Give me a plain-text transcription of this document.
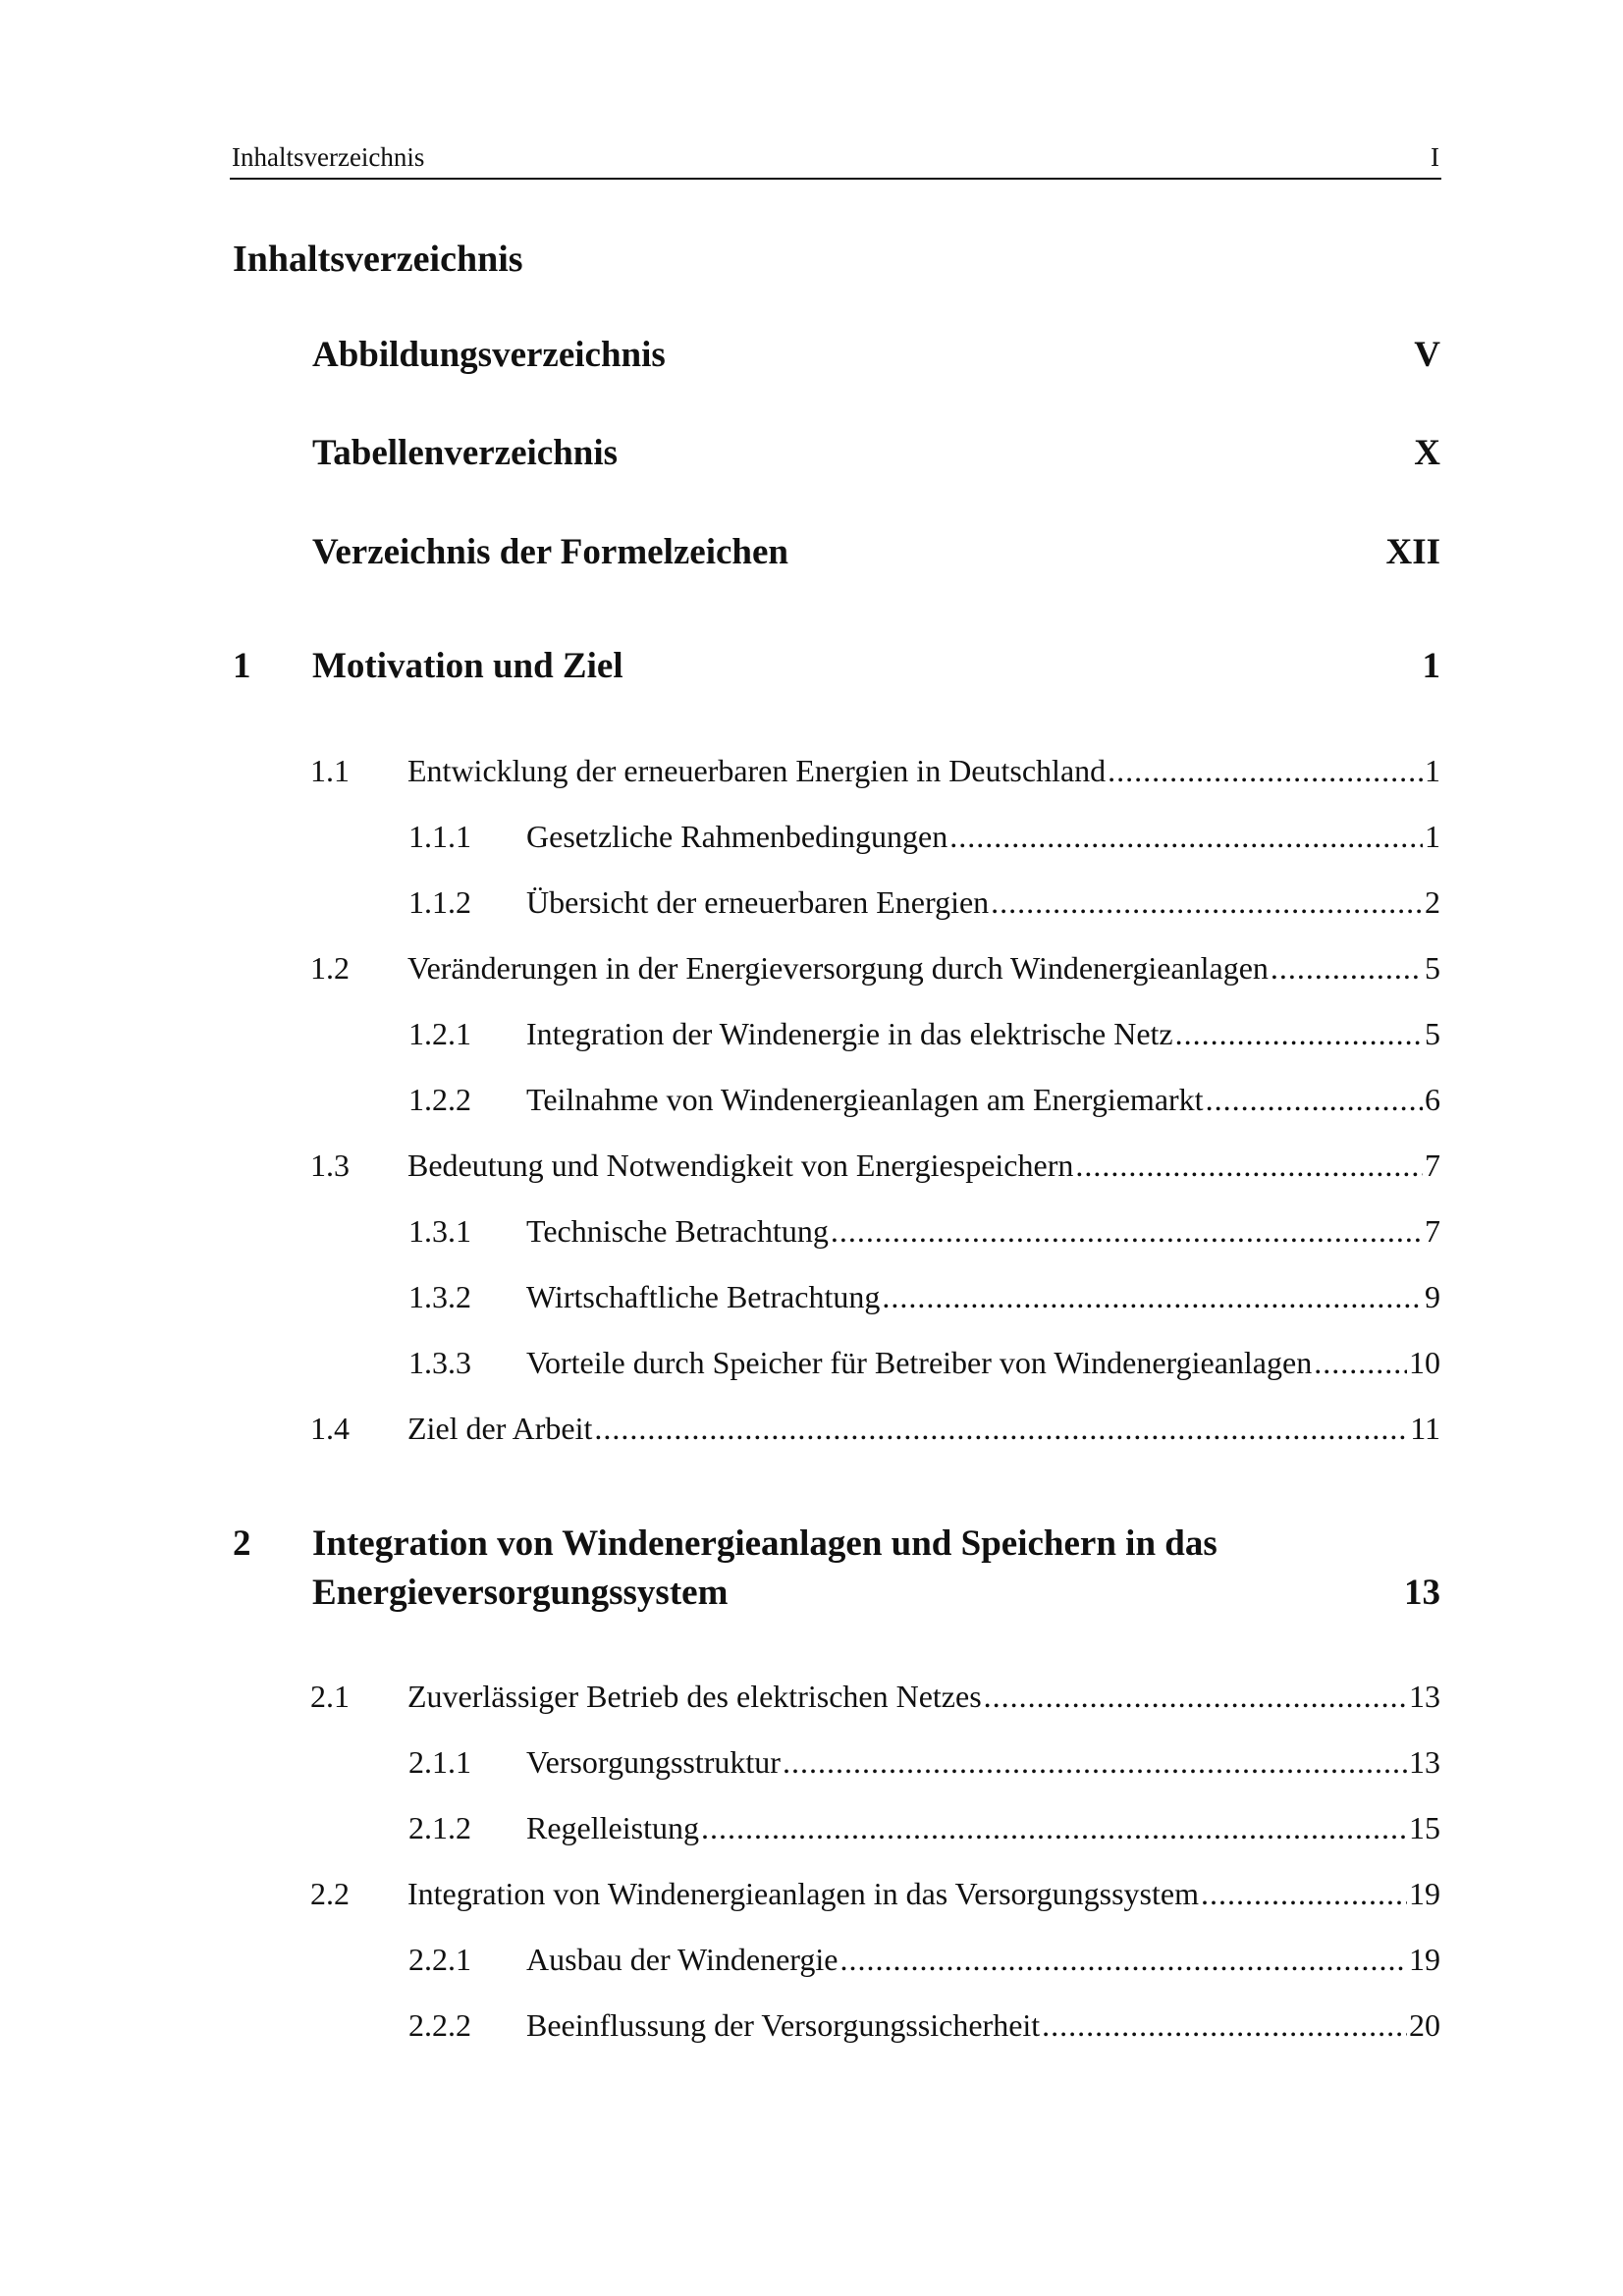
Inhaltsverzeichnis	I
Inhaltsverzeichnis
Abbildungsverzeichnis	V
Tabellenverzeichnis	X
Verzeichnis der Formelzeichen	XII
1 Motivation und Ziel	1
1.1	Entwicklung der erneuerbaren Energien in Deutschland .....	1
1.1.1	Gesetzliche Rahmenbedingungen .....	1
1.1.2	Übersicht der erneuerbaren Energien .....	2
1.2	Veränderungen in der Energieversorgung durch Windenergieanlagen .....	5
1.2.1	Integration der Windenergie in das elektrische Netz .....	5
1.2.2	Teilnahme von Windenergieanlagen am Energiemarkt .....	6
1.3	Bedeutung und Notwendigkeit von Energiespeichern .....	7
1.3.1	Technische Betrachtung .....	7
1.3.2	Wirtschaftliche Betrachtung .....	9
1.3.3	Vorteile durch Speicher für Betreiber von Windenergieanlagen .....	10
1.4	Ziel der Arbeit .....	11
2 Integration von Windenergieanlagen und Speichern in das
Energieversorgungssystem	13
2.1	Zuverlässiger Betrieb des elektrischen Netzes .....	13
2.1.1	Versorgungsstruktur .....	13
2.1.2	Regelleistung .....	15
2.2	Integration von Windenergieanlagen in das Versorgungssystem .....	19
2.2.1	Ausbau der Windenergie .....	19
2.2.2	Beeinflussung der Versorgungssicherheit .....	20
